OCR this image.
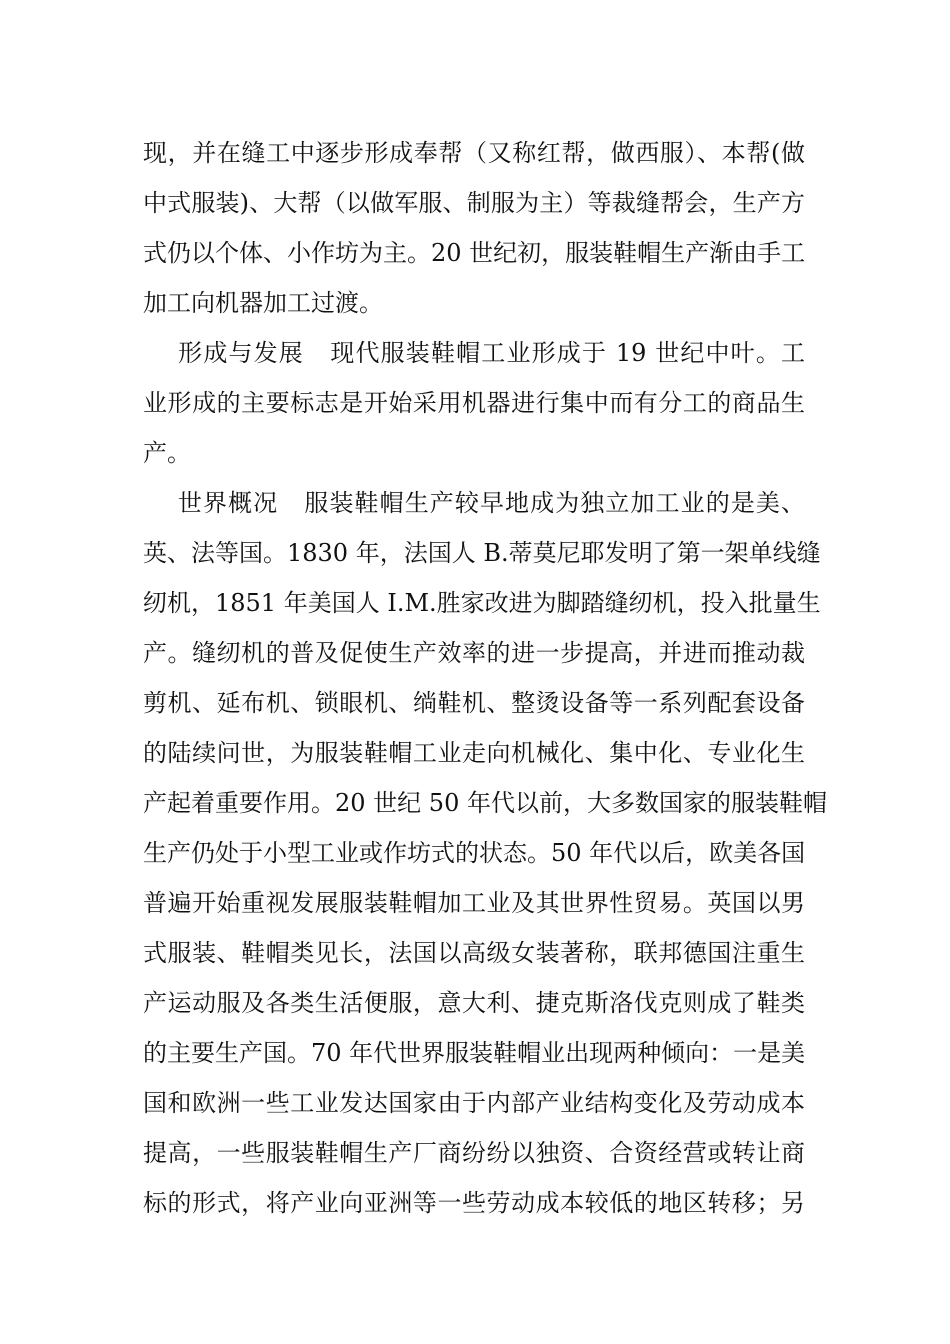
现，并在缝工中逐步形成奉帮（又称红帮，做西服）、本帮(做
中式服装)、大帮（以做军服、制服为主）等裁缝帮会，生产方
式仍以个体、小作坊为主。20 世纪初，服装鞋帽生产渐由手工
加工向机器加工过渡。
形成与发展   现代服装鞋帽工业形成于 19 世纪中叶。工
业形成的主要标志是开始采用机器进行集中而有分工的商品生
产。
世界概况   服装鞋帽生产较早地成为独立加工业的是美、
英、法等国。1830 年，法国人 B.蒂莫尼耶发明了第一架单线缝
纫机，1851 年美国人 I.M.胜家改进为脚踏缝纫机，投入批量生
产。缝纫机的普及促使生产效率的进一步提高，并进而推动裁
剪机、延布机、锁眼机、绱鞋机、整烫设备等一系列配套设备
的陆续问世，为服装鞋帽工业走向机械化、集中化、专业化生
产起着重要作用。20 世纪 50 年代以前，大多数国家的服装鞋帽
生产仍处于小型工业或作坊式的状态。50 年代以后，欧美各国
普遍开始重视发展服装鞋帽加工业及其世界性贸易。英国以男
式服装、鞋帽类见长，法国以高级女装著称，联邦德国注重生
产运动服及各类生活便服，意大利、捷克斯洛伐克则成了鞋类
的主要生产国。70 年代世界服装鞋帽业出现两种倾向：一是美
国和欧洲一些工业发达国家由于内部产业结构变化及劳动成本
提高，一些服装鞋帽生产厂商纷纷以独资、合资经营或转让商
标的形式，将产业向亚洲等一些劳动成本较低的地区转移；另
